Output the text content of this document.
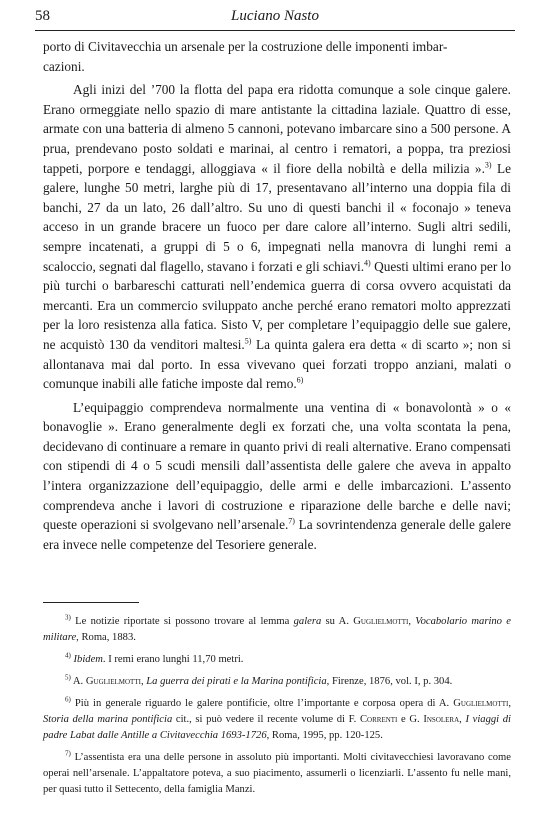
58	Luciano Nasto

porto di Civitavecchia un arsenale per la costruzione delle imponenti imbar-
cazioni.

Agli inizi del ’700 la flotta del papa era ridotta comunque a sole cinque galere. Erano ormeggiate nello spazio di mare antistante la cittadina laziale. Quattro di esse, armate con una batteria di almeno 5 cannoni, potevano imbarcare sino a 500 persone. A prua, prendevano posto soldati e marinai, al centro i rematori, a poppa, tra preziosi tappeti, porpore e tendaggi, alloggiava « il fiore della nobiltà e della milizia ».$^{3)}$ Le galere, lunghe 50 metri, larghe più di 17, presentavano all’interno una doppia fila di banchi, 27 da un lato, 26 dall’altro. Su uno di questi banchi il « foconajo » teneva acceso in un grande bracere un fuoco per dare calore all’interno. Sugli altri sedili, sempre incatenati, a gruppi di 5 o 6, impegnati nella manovra di lunghi remi a scaloccio, segnati dal flagello, stavano i forzati e gli schiavi.$^{4)}$ Questi ultimi erano per lo più turchi o barbareschi catturati nell’endemica guerra di corsa ovvero acquistati da mercanti. Era un commercio sviluppato anche perché erano rematori molto apprezzati per la loro resistenza alla fatica. Sisto V, per completare l’equipaggio delle sue galere, ne acquistò 130 da venditori maltesi.$^{5)}$ La quinta galera era detta « di scarto »; non si allontanava mai dal porto. In essa vivevano quei forzati troppo anziani, malati o comunque inabili alle fatiche imposte dal remo.$^{6)}$

L’equipaggio comprendeva normalmente una ventina di « bonavolontà » o « bonavoglie ». Erano generalmente degli ex forzati che, una volta scontata la pena, decidevano di continuare a remare in quanto privi di reali alternative. Erano compensati con stipendi di 4 o 5 scudi mensili dall’assentista delle galere che aveva in appalto l’intera organizzazione dell’equipaggio, delle armi e delle imbarcazioni. L’assento comprendeva anche i lavori di costruzione e riparazione delle barche e delle navi; queste operazioni si svolgevano nell’arsenale.$^{7)}$ La sovrintendenza generale delle galere era invece nelle competenze del Tesoriere generale.

$^{3)}$ Le notizie riportate si possono trovare al lemma galera su A. Guglielmotti, Vocabolario marino e militare, Roma, 1883.
$^{4)}$ Ibidem. I remi erano lunghi 11,70 metri.
$^{5)}$ A. Guglielmotti, La guerra dei pirati e la Marina pontificia, Firenze, 1876, vol. I, p. 304.
$^{6)}$ Più in generale riguardo le galere pontificie, oltre l’importante e corposa opera di A. Guglielmotti, Storia della marina pontificia cit., si può vedere il recente volume di F. Correnti e G. Insolera, I viaggi di padre Labat dalle Antille a Civitavecchia 1693-1726, Roma, 1995, pp. 120-125.
$^{7)}$ L’assentista era una delle persone in assoluto più importanti. Molti civitavecchiesi lavoravano come operai nell’arsenale. L’appaltatore poteva, a suo piacimento, assumerli o licenziarli. L’assento fu nelle mani, per quasi tutto il Settecento, della famiglia Manzi.
